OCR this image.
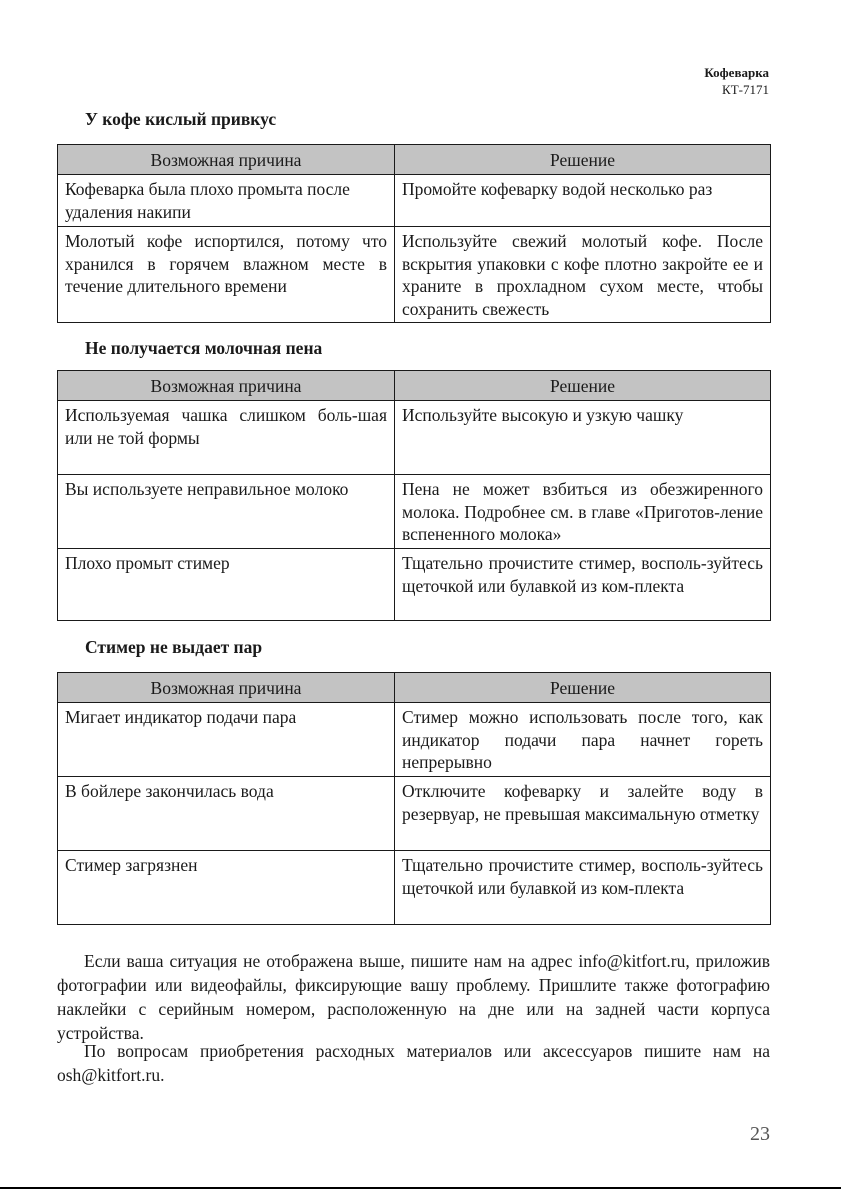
Кофеварка
КТ-7171
У кофе кислый привкус
Возможная причина	Решение
Кофеварка была плохо промыта после удаления накипи	Промойте кофеварку водой несколько раз
Молотый кофе испортился, потому что хранился в горячем влажном месте в течение длительного времени	Используйте свежий молотый кофе. После вскрытия упаковки с кофе плотно закройте ее и храните в прохладном сухом месте, чтобы сохранить свежесть
Не получается молочная пена
Возможная причина	Решение
Используемая чашка слишком боль-шая или не той формы	Используйте высокую и узкую чашку
Вы используете неправильное молоко	Пена не может взбиться из обезжиренного молока. Подробнее см. в главе «Приготов-ление вспененного молока»
Плохо промыт стимер	Тщательно прочистите стимер, восполь-зуйтесь щеточкой или булавкой из ком-плекта
Стимер не выдает пар
Возможная причина	Решение
Мигает индикатор подачи пара	Стимер можно использовать после того, как индикатор подачи пара начнет гореть непрерывно
В бойлере закончилась вода	Отключите кофеварку и залейте воду в резервуар, не превышая максимальную отметку
Стимер загрязнен	Тщательно прочистите стимер, восполь-зуйтесь щеточкой или булавкой из ком-плекта
Если ваша ситуация не отображена выше, пишите нам на адрес info@kitfort.ru, приложив фотографии или видеофайлы, фиксирующие вашу проблему. Пришлите также фотографию наклейки с серийным номером, расположенную на дне или на задней части корпуса устройства.
По вопросам приобретения расходных материалов или аксессуаров пишите нам на osh@kitfort.ru.
23
